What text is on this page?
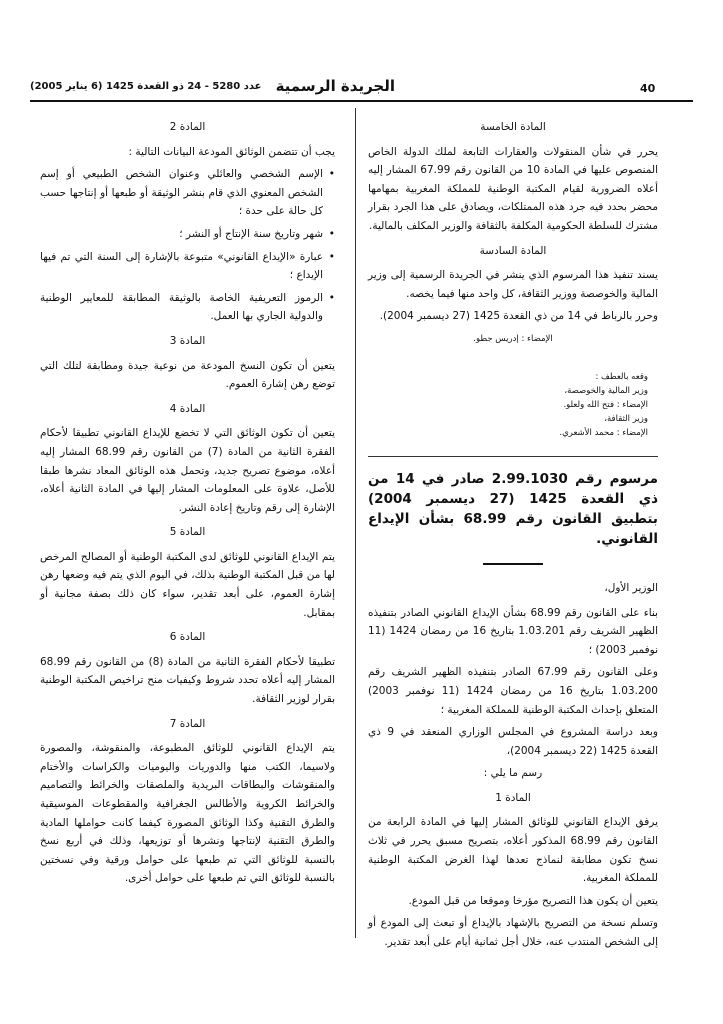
40
الجريدة الرسمية
عدد 5280 - 24 ذو القعدة 1425 (6 يناير 2005)
المادة الخامسة

يحرر في شأن المنقولات والعقارات التابعة لملك الدولة الخاص المنصوص عليها في المادة 10 من القانون رقم 67.99 المشار إليه أعلاه الضرورية لقيام المكتبة الوطنية للمملكة المغربية بمهامها محضر بحدد فيه جرد هذه الممتلكات، ويصادق على هذا الجرد بقرار مشترك للسلطة الحكومية المكلفة بالثقافة والوزير المكلف بالمالية.

المادة السادسة

يسند تنفيذ هذا المرسوم الذي ينشر في الجريدة الرسمية إلى وزير المالية والخوصصة ووزير الثقافة، كل واحد منها فيما يخصه.

وحرر بالرباط في 14 من ذي القعدة 1425 (27 ديسمبر 2004).

الإمضاء : إدريس جطو.
وقعه بالعطف :
وزير المالية والخوصصة،
الإمضاء : فتح الله ولعلو.
وزير الثقافة،
الإمضاء : محمد الأشعري.
مرسوم رقم 2.99.1030 صادر في 14 من ذي القعدة 1425 (27 ديسمبر 2004) بتطبيق القانون رقم 68.99 بشأن الإيداع القانوني.
الوزير الأول،

بناء على القانون رقم 68.99 بشأن الإيداع القانوني الصادر بتنفيذه الظهير الشريف رقم 1.03.201 بتاريخ 16 من رمضان 1424 (11 نوفمبر 2003) ؛

وعلى القانون رقم 67.99 الصادر بتنفيذه الظهير الشريف رقم 1.03.200 بتاريخ 16 من رمضان 1424 (11 نوفمبر 2003) المتعلق بإحداث المكتبة الوطنية للمملكة المغربية ؛

وبعد دراسة المشروع في المجلس الوزاري المنعقد في 9 ذي القعدة 1425 (22 ديسمبر 2004)،

رسم ما يلي :
المادة 1

يرفق الإيداع القانوني للوثائق المشار إليها في المادة الرابعة من القانون رقم 68.99 المذكور أعلاه، بتصريح مسبق يحرر في ثلاث نسخ تكون مطابقة لنماذج تعدها لهذا الغرض المكتبة الوطنية للمملكة المغربية.

يتعين أن يكون هذا التصريح مؤرخا وموقعا من قبل المودع.

وتسلم نسخة من التصريح بالإشهاد بالإيداع أو تبعث إلى المودع أو إلى الشخص المنتدب عنه، خلال أجل ثمانية أيام على أبعد تقدير.

المادة 2

يجب أن تتضمن الوثائق المودعة البيانات التالية :

• الإسم الشخصي والعائلي وعنوان الشخص الطبيعي أو إسم الشخص المعنوي الذي قام بنشر الوثيقة أو طبعها أو إنتاجها حسب كل حالة على حدة ؛
• شهر وتاريخ سنة الإنتاج أو النشر ؛
• عبارة «الإيداع القانوني» متبوعة بالإشارة إلى السنة التي تم فيها الإيداع ؛
• الرموز التعريفية الخاصة بالوثيقة المطابقة للمعايير الوطنية والدولية الجاري بها العمل.
المادة 3

يتعين أن تكون النسخ المودعة من نوعية جيدة ومطابقة لتلك التي توضع رهن إشارة العموم.

المادة 4

يتعين أن تكون الوثائق التي لا تخضع للإيداع القانوني تطبيقا لأحكام الفقرة الثانية من المادة (7) من القانون رقم 68.99 المشار إليه أعلاه، موضوع تصريح جديد، وتحمل هذه الوثائق المعاد نشرها طبقا للأصل، علاوة على المعلومات المشار إليها في المادة الثانية أعلاه، الإشارة إلى رقم وتاريخ إعادة النشر.

المادة 5

يتم الإيداع القانوني للوثائق لدى المكتبة الوطنية أو المصالح المرخص لها من قبل المكتبة الوطنية بذلك، في اليوم الذي يتم فيه وضعها رهن إشارة العموم، على أبعد تقدير، سواء كان ذلك بصفة مجانية أو بمقابل.

المادة 6

تطبيقا لأحكام الفقرة الثانية من المادة (8) من القانون رقم 68.99 المشار إليه أعلاه تحدد شروط وكيفيات منح تراخيص المكتبة الوطنية بقرار لوزير الثقافة.

المادة 7

يتم الإيداع القانوني للوثائق المطبوعة، والمنقوشة، والمصورة ولاسيما، الكتب منها والدوريات واليوميات والكراسات والأختام والمنقوشات والبطاقات البريدية والملصقات والخرائط والتصاميم والخرائط الكروية والأطالس الجغرافية والمقطوعات الموسيقية والطرق التقنية وكذا الوثائق المصورة كيفما كانت حواملها المادية والطرق التقنية لإنتاجها ونشرها أو توزيعها، وذلك في أربع نسخ بالنسبة للوثائق التي تم طبعها على حوامل ورقية وفي نسختين بالنسبة للوثائق التي تم طبعها على حوامل أخرى.
